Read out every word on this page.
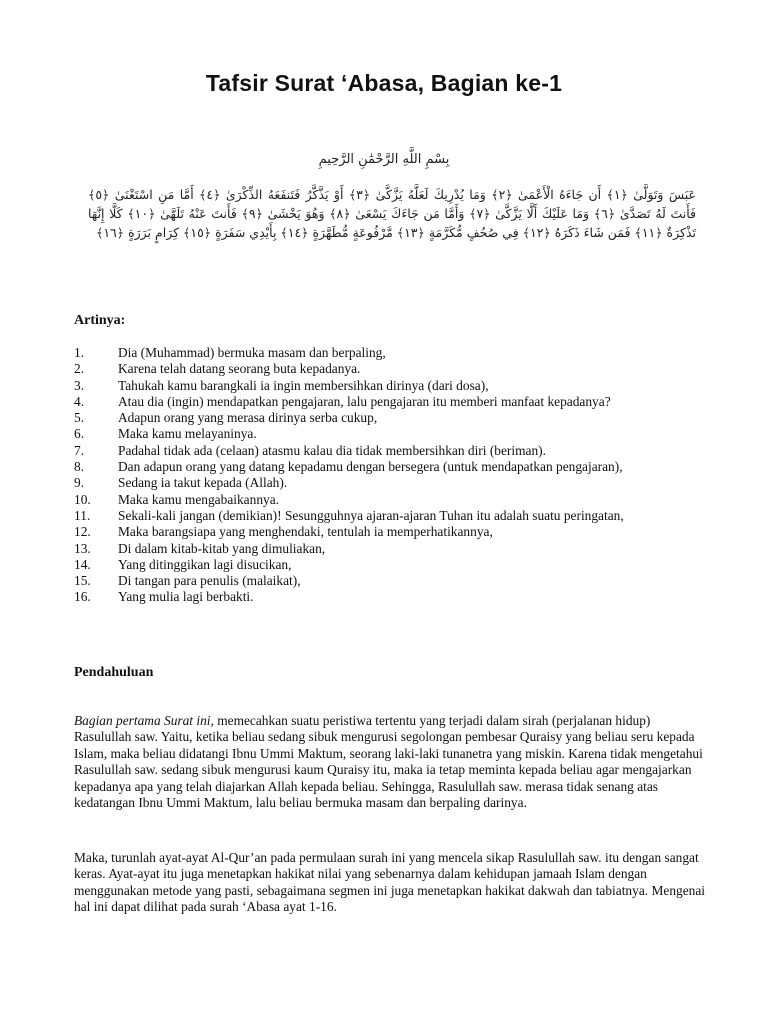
Tafsir Surat ‘Abasa, Bagian ke-1
بِسْمِ اللَّهِ الرَّحْمَٰنِ الرَّحِيمِ
عَبَسَ وَتَوَلَّىٰ ﴿١﴾ أَن جَاءَهُ الْأَعْمَىٰ ﴿٢﴾ وَمَا يُدْرِيكَ لَعَلَّهُ يَزَّكَّىٰ ﴿٣﴾ أَوْ يَذَّكَّرُ فَتَنفَعَهُ الذِّكْرَىٰ ﴿٤﴾ أَمَّا مَنِ اسْتَغْنَىٰ ﴿٥﴾ فَأَنتَ لَهُ تَصَدَّىٰ ﴿٦﴾ وَمَا عَلَيْكَ أَلَّا يَزَّكَّىٰ ﴿٧﴾ وَأَمَّا مَن جَاءَكَ يَسْعَىٰ ﴿٨﴾ وَهُوَ يَخْشَىٰ ﴿٩﴾ فَأَنتَ عَنْهُ تَلَهَّىٰ ﴿١٠﴾ كَلَّا إِنَّهَا تَذْكِرَةٌ ﴿١١﴾ فَمَن شَاءَ ذَكَرَهُ ﴿١٢﴾ فِي صُحُفٍ مُّكَرَّمَةٍ ﴿١٣﴾ مَّرْفُوعَةٍ مُّطَهَّرَةٍ ﴿١٤﴾ بِأَيْدِي سَفَرَةٍ ﴿١٥﴾ كِرَامٍ بَرَرَةٍ ﴿١٦﴾

Artinya:

1.	Dia (Muhammad) bermuka masam dan berpaling,
2.	Karena telah datang seorang buta kepadanya.
3.	Tahukah kamu barangkali ia ingin membersihkan dirinya (dari dosa),
4.	Atau dia (ingin) mendapatkan pengajaran, lalu pengajaran itu memberi manfaat kepadanya?
5.	Adapun orang yang merasa dirinya serba cukup,
6.	Maka kamu melayaninya.
7.	Padahal tidak ada (celaan) atasmu kalau dia tidak membersihkan diri (beriman).
8.	Dan adapun orang yang datang kepadamu dengan bersegera (untuk mendapatkan pengajaran),
9.	Sedang ia takut kepada (Allah).
10.	Maka kamu mengabaikannya.
11.	Sekali-kali jangan (demikian)! Sesungguhnya ajaran-ajaran Tuhan itu adalah suatu peringatan,
12.	Maka barangsiapa yang menghendaki, tentulah ia memperhatikannya,
13.	Di dalam kitab-kitab yang dimuliakan,
14.	Yang ditinggikan lagi disucikan,
15.	Di tangan para penulis (malaikat),
16.	Yang mulia lagi berbakti.

Pendahuluan

Bagian pertama Surat ini, memecahkan suatu peristiwa tertentu yang terjadi dalam sirah (perjalanan hidup) Rasulullah saw. Yaitu, ketika beliau sedang sibuk mengurusi segolongan pembesar Quraisy yang beliau seru kepada Islam, maka beliau didatangi Ibnu Ummi Maktum, seorang laki-laki tunanetra yang miskin. Karena tidak mengetahui Rasulullah saw. sedang sibuk mengurusi kaum Quraisy itu, maka ia tetap meminta kepada beliau agar mengajarkan kepadanya apa yang telah diajarkan Allah kepada beliau. Sehingga, Rasulullah saw. merasa tidak senang atas kedatangan Ibnu Ummi Maktum, lalu beliau bermuka masam dan berpaling darinya.

Maka, turunlah ayat-ayat Al-Qur’an pada permulaan surah ini yang mencela sikap Rasulullah saw. itu dengan sangat keras. Ayat-ayat itu juga menetapkan hakikat nilai yang sebenarnya dalam kehidupan jamaah Islam dengan menggunakan metode yang pasti, sebagaimana segmen ini juga menetapkan hakikat dakwah dan tabiatnya. Mengenai hal ini dapat dilihat pada surah ‘Abasa ayat 1-16.
